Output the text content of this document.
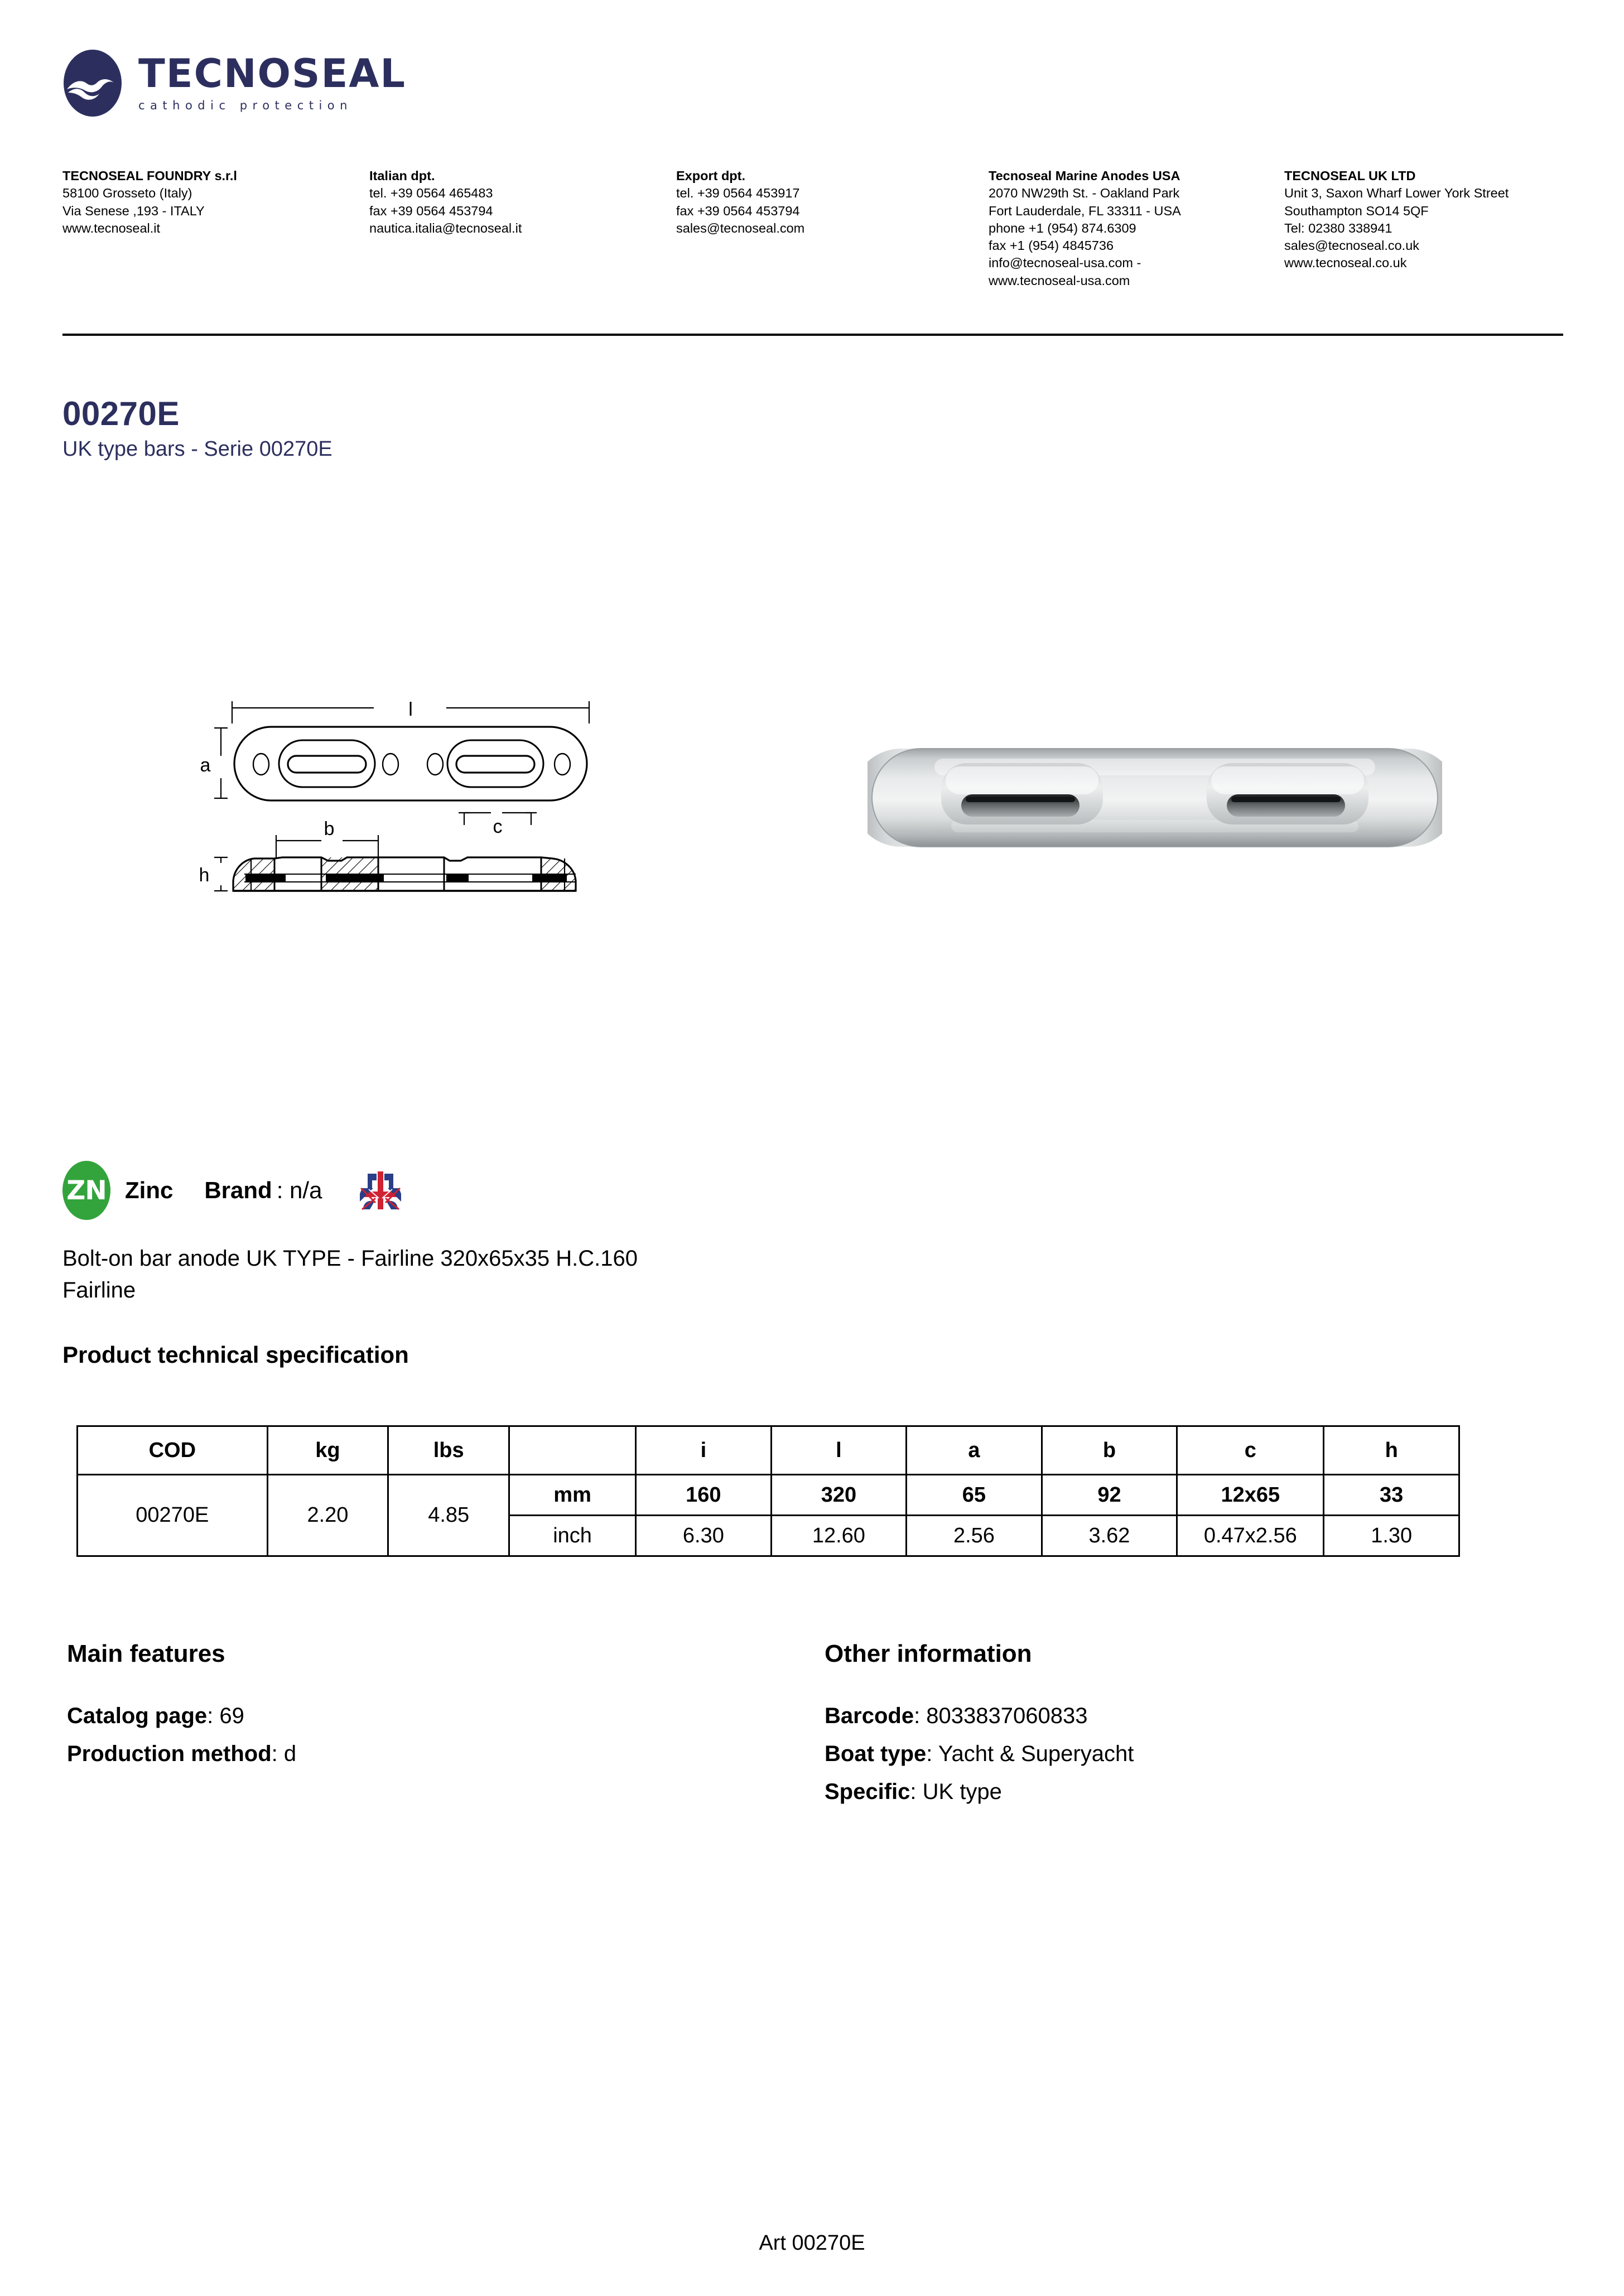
TECNOSEAL
cathodic protection
TECNOSEAL FOUNDRY s.r.l
58100 Grosseto (Italy)
Via Senese ,193 - ITALY
www.tecnoseal.it
Italian dpt.
tel. +39 0564 465483
fax +39 0564 453794
nautica.italia@tecnoseal.it
Export dpt.
tel. +39 0564 453917
fax +39 0564 453794
sales@tecnoseal.com
Tecnoseal Marine Anodes USA
2070 NW29th St. - Oakland Park
Fort Lauderdale, FL 33311 - USA
phone +1 (954) 874.6309
fax +1 (954) 4845736
info@tecnoseal-usa.com -
www.tecnoseal-usa.com
TECNOSEAL UK LTD
Unit 3, Saxon Wharf Lower York Street
Southampton SO14 5QF
Tel: 02380 338941
sales@tecnoseal.co.uk
www.tecnoseal.co.uk
00270E
UK type bars - Serie 00270E
l
a
b	c
h
ZN Zinc Brand : n/a
Bolt-on bar anode UK TYPE - Fairline 320x65x35 H.C.160
Fairline
Product technical specification
COD	kg	lbs		i	l	a	b	c	h
00270E	2.20	4.85	mm	160	320	65	92	12x65	33
			inch	6.30	12.60	2.56	3.62	0.47x2.56	1.30
Main features
Catalog page: 69
Production method: d
Other information
Barcode: 8033837060833
Boat type: Yacht & Superyacht
Specific: UK type
Art 00270E
